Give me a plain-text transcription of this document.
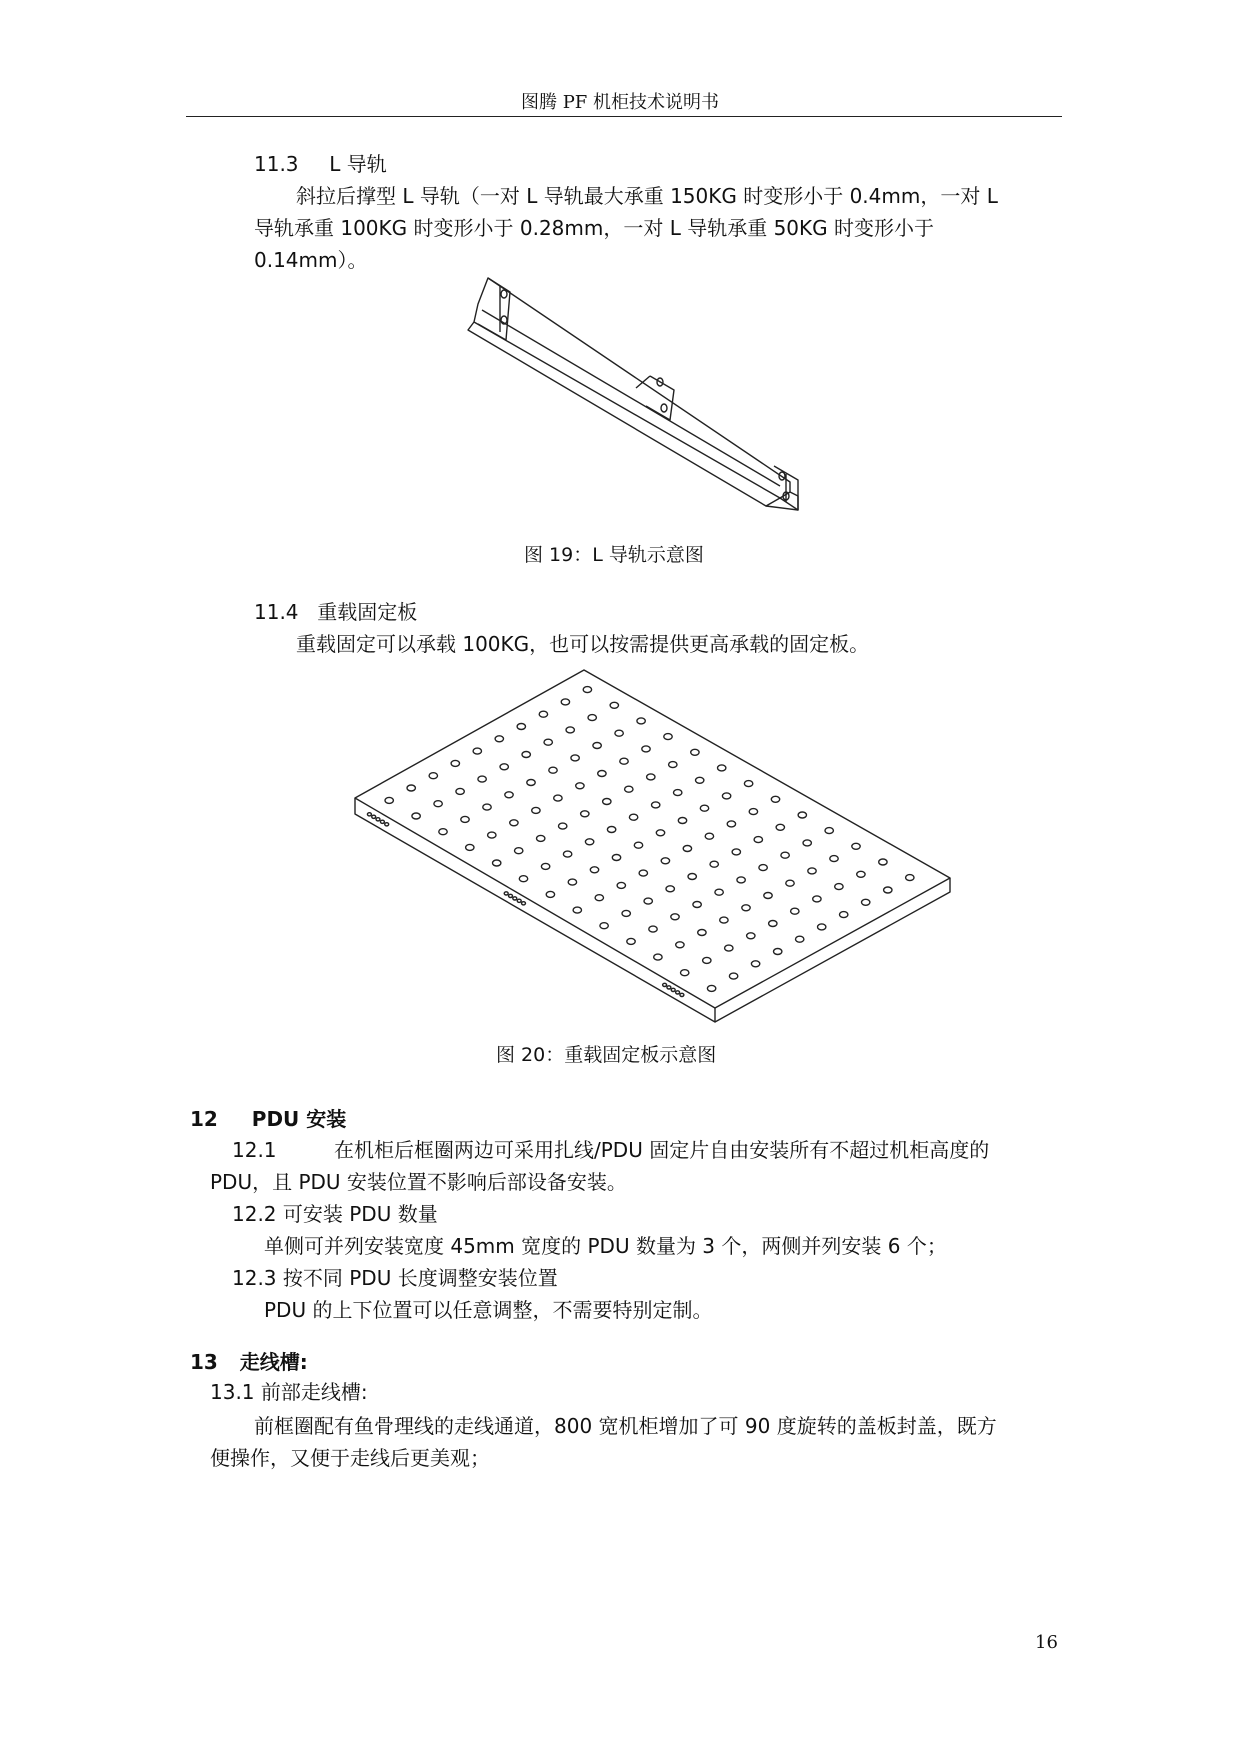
图腾 PF 机柜技术说明书
11.3 L 导轨
斜拉后撑型 L 导轨（一对 L 导轨最大承重 150KG 时变形小于 0.4mm，一对 L
导轨承重 100KG 时变形小于 0.28mm，一对 L 导轨承重 50KG 时变形小于
0.14mm）。
图 19：L 导轨示意图
11.4 重载固定板
重载固定可以承载 100KG，也可以按需提供更高承载的固定板。
图 20：重载固定板示意图
12 PDU 安装
12.1	在机柜后框圈两边可采用扎线/PDU 固定片自由安装所有不超过机柜高度的
PDU，且 PDU 安装位置不影响后部设备安装。
12.2 可安装 PDU 数量
单侧可并列安装宽度 45mm 宽度的 PDU 数量为 3 个，两侧并列安装 6 个；
12.3 按不同 PDU 长度调整安装位置
PDU 的上下位置可以任意调整，不需要特别定制。
13 走线槽:
13.1 前部走线槽:
前框圈配有鱼骨理线的走线通道，800 宽机柜增加了可 90 度旋转的盖板封盖，既方
便操作，又便于走线后更美观；
16
